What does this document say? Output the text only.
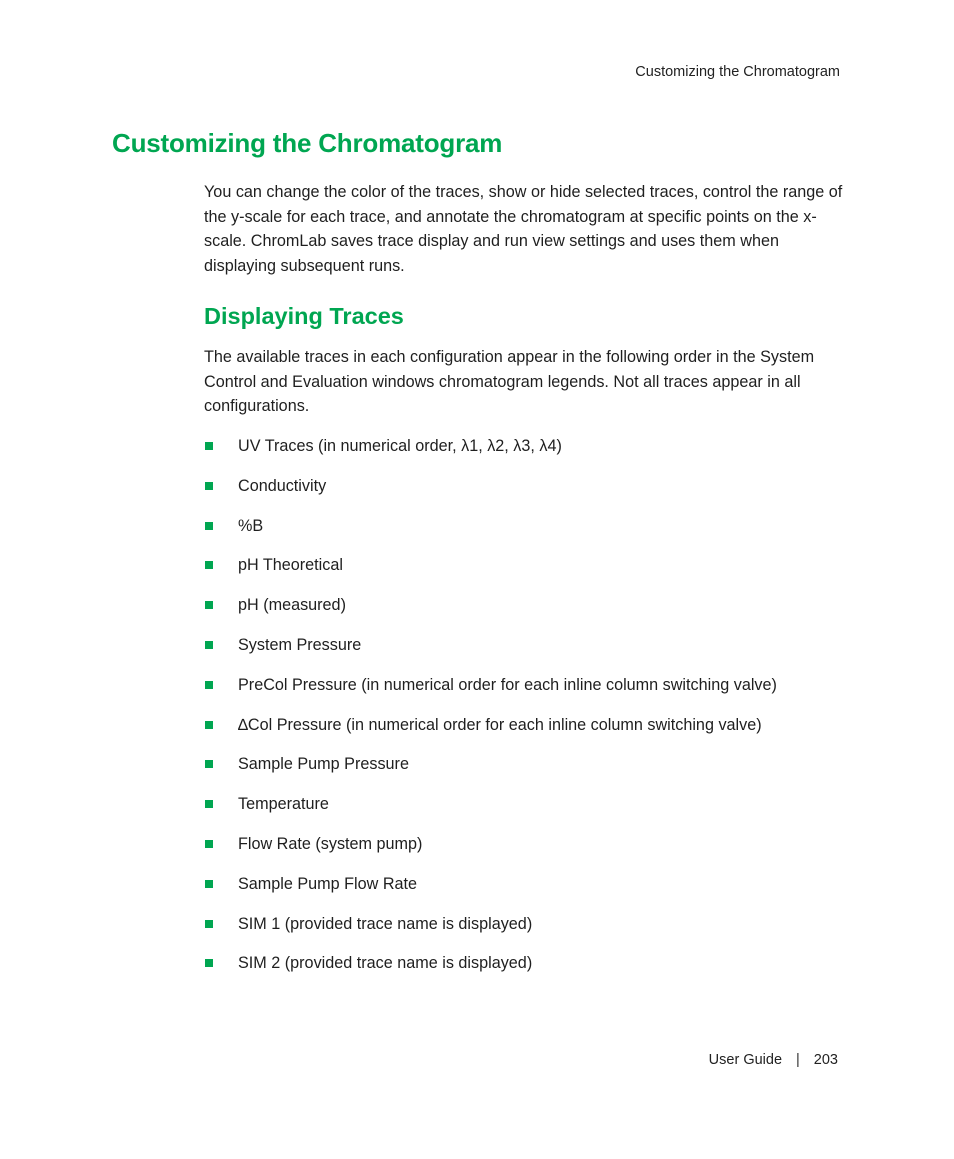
Customizing the Chromatogram
Customizing the Chromatogram

You can change the color of the traces, show or hide selected traces, control the range of the y-scale for each trace, and annotate the chromatogram at specific points on the x-scale. ChromLab saves trace display and run view settings and uses them when displaying subsequent runs.

Displaying Traces

The available traces in each configuration appear in the following order in the System Control and Evaluation windows chromatogram legends. Not all traces appear in all configurations.

UV Traces (in numerical order, λ1, λ2, λ3, λ4)
Conductivity
%B
pH Theoretical
pH (measured)
System Pressure
PreCol Pressure (in numerical order for each inline column switching valve)
∆Col Pressure (in numerical order for each inline column switching valve)
Sample Pump Pressure
Temperature
Flow Rate (system pump)
Sample Pump Flow Rate
SIM 1 (provided trace name is displayed)
SIM 2 (provided trace name is displayed)
User Guide | 203
